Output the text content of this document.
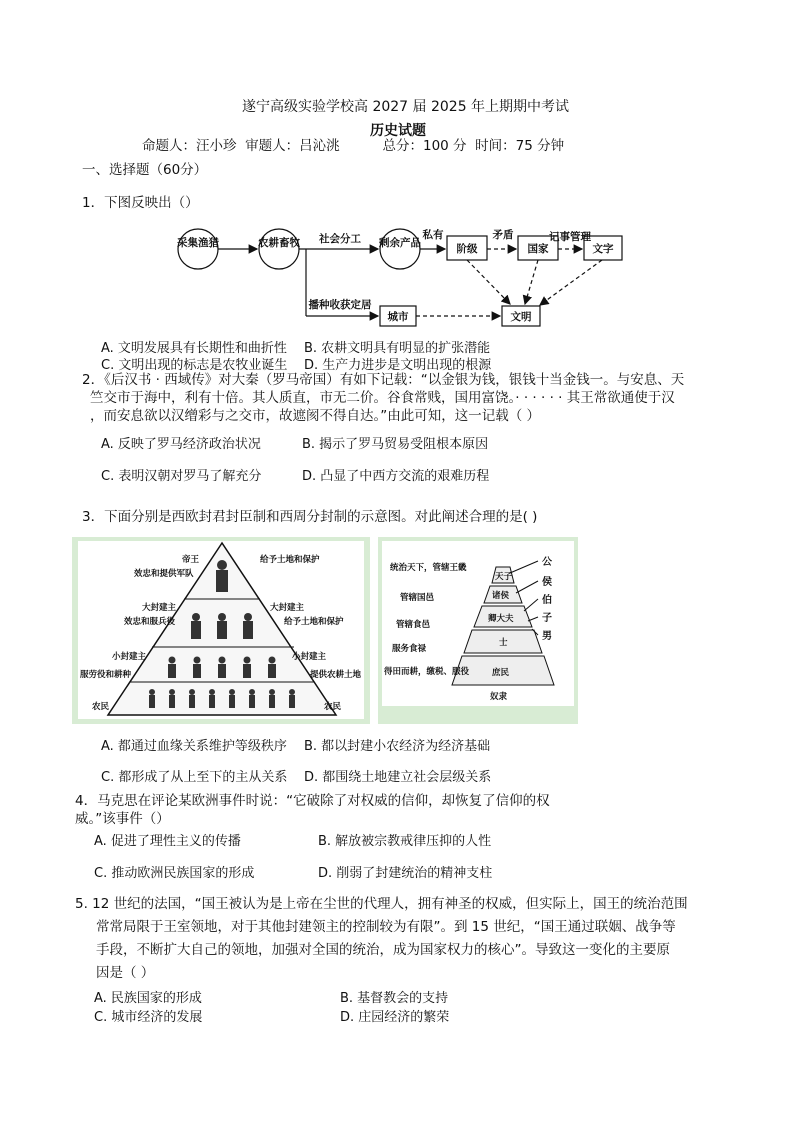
遂宁高级实验学校高 2027 届 2025 年上期期中考试
历史试题
命题人：汪小珍  审题人：吕沁洮          总分：100 分  时间：75 分钟
一、选择题（60分）
1．下图反映出（）
采集渔猎	农耕畜牧	剩余产品	阶级	国家	文字
城市	文明
社会分工	私有	矛盾	记事管理
播种收获定居
A. 文明发展具有长期性和曲折性 B. 农耕文明具有明显的扩张潜能
C. 文明出现的标志是农牧业诞生 D. 生产力进步是文明出现的根源
2．《后汉书 · 西域传》对大秦（罗马帝国）有如下记载：“以金银为钱，银钱十当金钱一。与安息、天
竺交市于海中，利有十倍。其人质直，市无二价。谷食常贱，国用富饶。· · · · · · 其王常欲通使于汉
，而安息欲以汉缯彩与之交市，故遮阂不得自达。”由此可知，这一记载（ ）
A. 反映了罗马经济政治状况	B. 揭示了罗马贸易受阻根本原因
C. 表明汉朝对罗马了解充分	D. 凸显了中西方交流的艰难历程
3．下面分别是西欧封君封臣制和西周分封制的示意图。对此阐述合理的是( )
帝王
效忠和提供军队
给予土地和保护
大封建主	大封建主
效忠和服兵役	给予土地和保护
小封建主	小封建主
服劳役和耕种	提供农耕土地
农民	农民
统治天下，管辖王畿
天子
管辖国邑	诸侯
管辖食邑
卿大夫
服务食禄
士
得田而耕，缴税、服役	庶民
奴隶
公
侯
伯
子
男
A. 都通过血缘关系维护等级秩序 B. 都以封建小农经济为经济基础
C. 都形成了从上至下的主从关系 D. 都围绕土地建立社会层级关系
4．马克思在评论某欧洲事件时说：“它破除了对权威的信仰，却恢复了信仰的权
威。”该事件（）
A. 促进了理性主义的传播	B. 解放被宗教戒律压抑的人性
C. 推动欧洲民族国家的形成	D. 削弱了封建统治的精神支柱
5. 12 世纪的法国，“国王被认为是上帝在尘世的代理人，拥有神圣的权威，但实际上，国王的统治范围
常常局限于王室领地，对于其他封建领主的控制较为有限”。到 15 世纪，“国王通过联姻、战争等
手段，不断扩大自己的领地，加强对全国的统治，成为国家权力的核心”。导致这一变化的主要原
因是（ ）
A. 民族国家的形成	B. 基督教会的支持
C. 城市经济的发展	D. 庄园经济的繁荣
